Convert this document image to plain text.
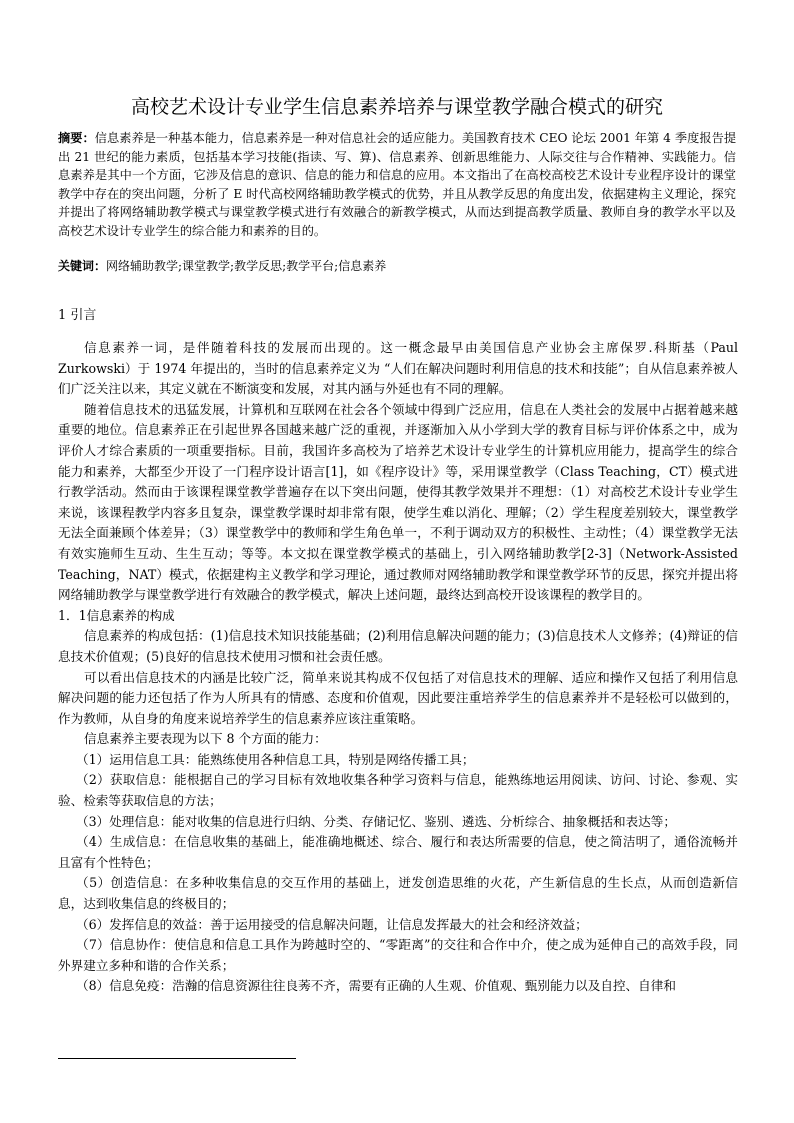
高校艺术设计专业学生信息素养培养与课堂教学融合模式的研究
摘要：信息素养是一种基本能力，信息素养是一种对信息社会的适应能力。美国教育技术 CEO 论坛 2001 年第 4 季度报告提出 21 世纪的能力素质，包括基本学习技能(指读、写、算)、信息素养、创新思维能力、人际交往与合作精神、实践能力。信息素养是其中一个方面，它涉及信息的意识、信息的能力和信息的应用。本文指出了在高校高校艺术设计专业程序设计的课堂教学中存在的突出问题，分析了 E 时代高校网络辅助教学模式的优势，并且从教学反思的角度出发，依据建构主义理论，探究并提出了将网络辅助教学模式与课堂教学模式进行有效融合的新教学模式，从而达到提高教学质量、教师自身的教学水平以及高校艺术设计专业学生的综合能力和素养的目的。
关键词：网络辅助教学;课堂教学;教学反思;教学平台;信息素养
1 引言

信息素养一词，是伴随着科技的发展而出现的。这一概念最早由美国信息产业协会主席保罗.科斯基（Paul Zurkowski）于 1974 年提出的，当时的信息素养定义为 “人们在解决问题时利用信息的技术和技能”；自从信息素养被人们广泛关注以来，其定义就在不断演变和发展，对其内涵与外延也有不同的理解。

随着信息技术的迅猛发展，计算机和互联网在社会各个领域中得到广泛应用，信息在人类社会的发展中占据着越来越重要的地位。信息素养正在引起世界各国越来越广泛的重视，并逐渐加入从小学到大学的教育目标与评价体系之中，成为评价人才综合素质的一项重要指标。目前，我国许多高校为了培养艺术设计专业学生的计算机应用能力，提高学生的综合能力和素养，大都至少开设了一门程序设计语言[1]，如《程序设计》等，采用课堂教学（Class Teaching，CT）模式进行教学活动。然而由于该课程课堂教学普遍存在以下突出问题，使得其教学效果并不理想：（1）对高校艺术设计专业学生来说，该课程教学内容多且复杂，课堂教学课时却非常有限，使学生难以消化、理解；（2）学生程度差别较大，课堂教学无法全面兼顾个体差异；（3）课堂教学中的教师和学生角色单一，不利于调动双方的积极性、主动性；（4）课堂教学无法有效实施师生互动、生生互动；等等。本文拟在课堂教学模式的基础上，引入网络辅助教学[2-3]（Network-Assisted Teaching，NAT）模式，依据建构主义教学和学习理论，通过教师对网络辅助教学和课堂教学环节的反思，探究并提出将网络辅助教学与课堂教学进行有效融合的教学模式，解决上述问题，最终达到高校开设该课程的教学目的。

1．1信息素养的构成

信息素养的构成包括：(1)信息技术知识技能基础；(2)利用信息解决问题的能力；(3)信息技术人文修养；(4)辩证的信息技术价值观；(5)良好的信息技术使用习惯和社会责任感。

可以看出信息技术的内涵是比较广泛，简单来说其构成不仅包括了对信息技术的理解、适应和操作又包括了利用信息解决问题的能力还包括了作为人所具有的情感、态度和价值观，因此要注重培养学生的信息素养并不是轻松可以做到的，作为教师，从自身的角度来说培养学生的信息素养应该注重策略。

信息素养主要表现为以下 8 个方面的能力：

（1）运用信息工具：能熟练使用各种信息工具，特别是网络传播工具；

（2）获取信息：能根据自己的学习目标有效地收集各种学习资料与信息，能熟练地运用阅读、访问、讨论、参观、实验、检索等获取信息的方法；

（3）处理信息：能对收集的信息进行归纳、分类、存储记忆、鉴别、遴选、分析综合、抽象概括和表达等；

（4）生成信息：在信息收集的基础上，能准确地概述、综合、履行和表达所需要的信息，使之简洁明了，通俗流畅并且富有个性特色；

（5）创造信息：在多种收集信息的交互作用的基础上，迸发创造思维的火花，产生新信息的生长点，从而创造新信息，达到收集信息的终极目的；

（6）发挥信息的效益：善于运用接受的信息解决问题，让信息发挥最大的社会和经济效益；

（7）信息协作：使信息和信息工具作为跨越时空的、“零距离”的交往和合作中介，使之成为延伸自己的高效手段，同外界建立多种和谐的合作关系；

（8）信息免疫：浩瀚的信息资源往往良莠不齐，需要有正确的人生观、价值观、甄别能力以及自控、自律和
